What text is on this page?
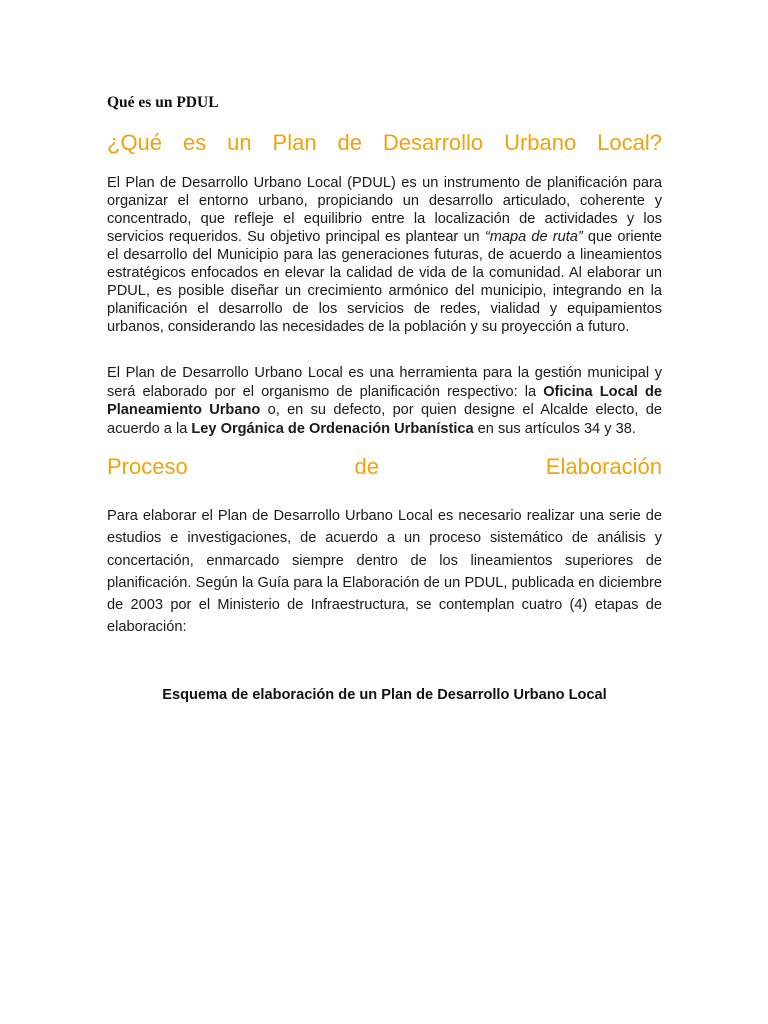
Qué es un PDUL
¿Qué es un Plan de Desarrollo Urbano Local?

El Plan de Desarrollo Urbano Local (PDUL) es un instrumento de planificación para organizar el entorno urbano, propiciando un desarrollo articulado, coherente y concentrado, que refleje el equilibrio entre la localización de actividades y los servicios requeridos. Su objetivo principal es plantear un “mapa de ruta” que oriente el desarrollo del Municipio para las generaciones futuras, de acuerdo a lineamientos estratégicos enfocados en elevar la calidad de vida de la comunidad. Al elaborar un PDUL, es posible diseñar un crecimiento armónico del municipio, integrando en la planificación el desarrollo de los servicios de redes, vialidad y equipamientos urbanos, considerando las necesidades de la población y su proyección a futuro.

El Plan de Desarrollo Urbano Local es una herramienta para la gestión municipal y será elaborado por el organismo de planificación respectivo: la Oficina Local de Planeamiento Urbano o, en su defecto, por quien designe el Alcalde electo, de acuerdo a la Ley Orgánica de Ordenación Urbanística en sus artículos 34 y 38.

Proceso	de	Elaboración

Para elaborar el Plan de Desarrollo Urbano Local es necesario realizar una serie de estudios e investigaciones, de acuerdo a un proceso sistemático de análisis y concertación, enmarcado siempre dentro de los lineamientos superiores de planificación. Según la Guía para la Elaboración de un PDUL, publicada en diciembre de 2003 por el Ministerio de Infraestructura, se contemplan cuatro (4) etapas de elaboración:

Esquema de elaboración de un Plan de Desarrollo Urbano Local
